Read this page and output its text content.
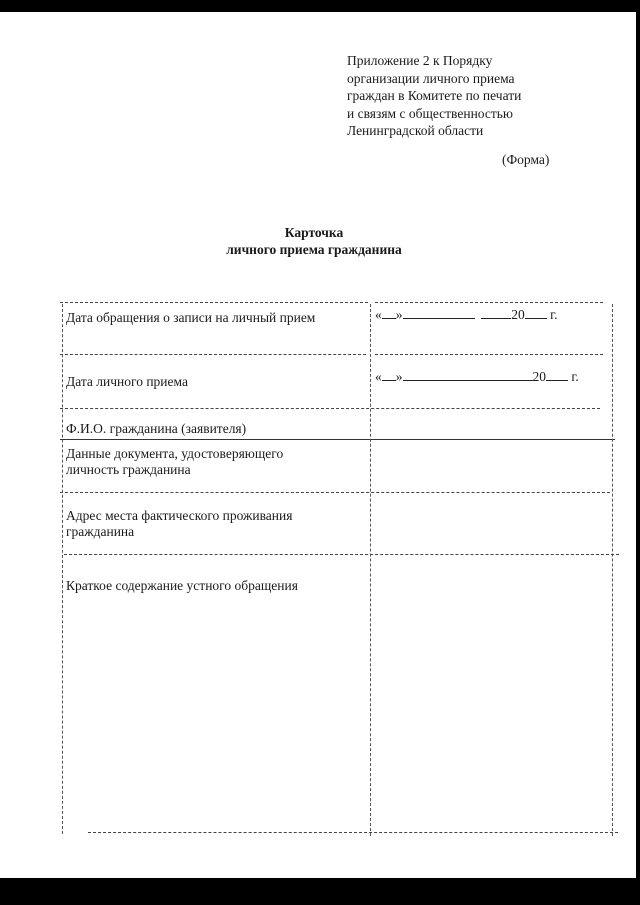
Приложение 2 к Порядку
организации личного приема
граждан в Комитете по печати
и связям с общественностью
Ленинградской области
(Форма)
Карточка
личного приема гражданина
Дата обращения о записи на личный прием	« »	20 г.
Дата личного приема	« »	20 г.
Ф.И.О. гражданина (заявителя)
Данные документа, удостоверяющего
личность гражданина
Адрес места фактического проживания
гражданина
Краткое содержание устного обращения
